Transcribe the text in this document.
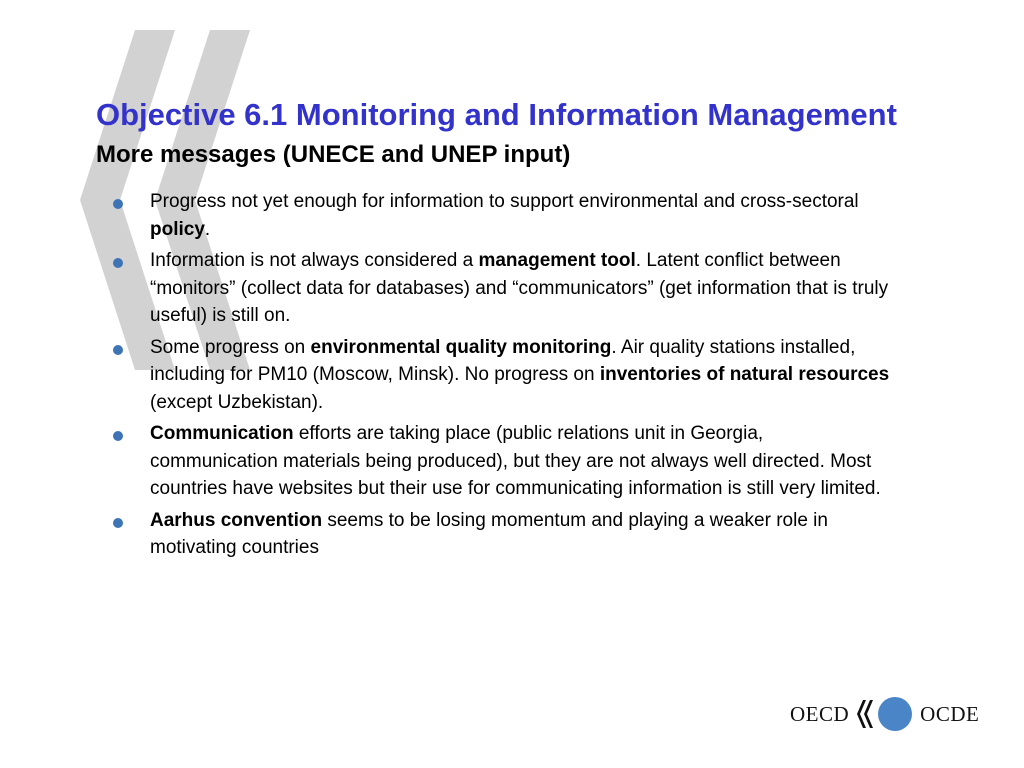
Objective 6.1 Monitoring and Information Management
More messages (UNECE and UNEP input)
Progress not yet enough for information to support environmental and cross-sectoral policy.
Information is not always considered a management tool. Latent conflict between “monitors” (collect data for databases) and “communicators” (get information that is truly useful) is still on.
Some progress on environmental quality monitoring. Air quality stations installed, including for PM10 (Moscow, Minsk). No progress on inventories of natural resources (except Uzbekistan).
Communication efforts are taking place (public relations unit in Georgia, communication materials being produced), but they are not always well directed. Most countries have websites but their use for communicating information is still very limited.
Aarhus convention seems to be losing momentum and playing a weaker role in motivating countries
OECD	OCDE
